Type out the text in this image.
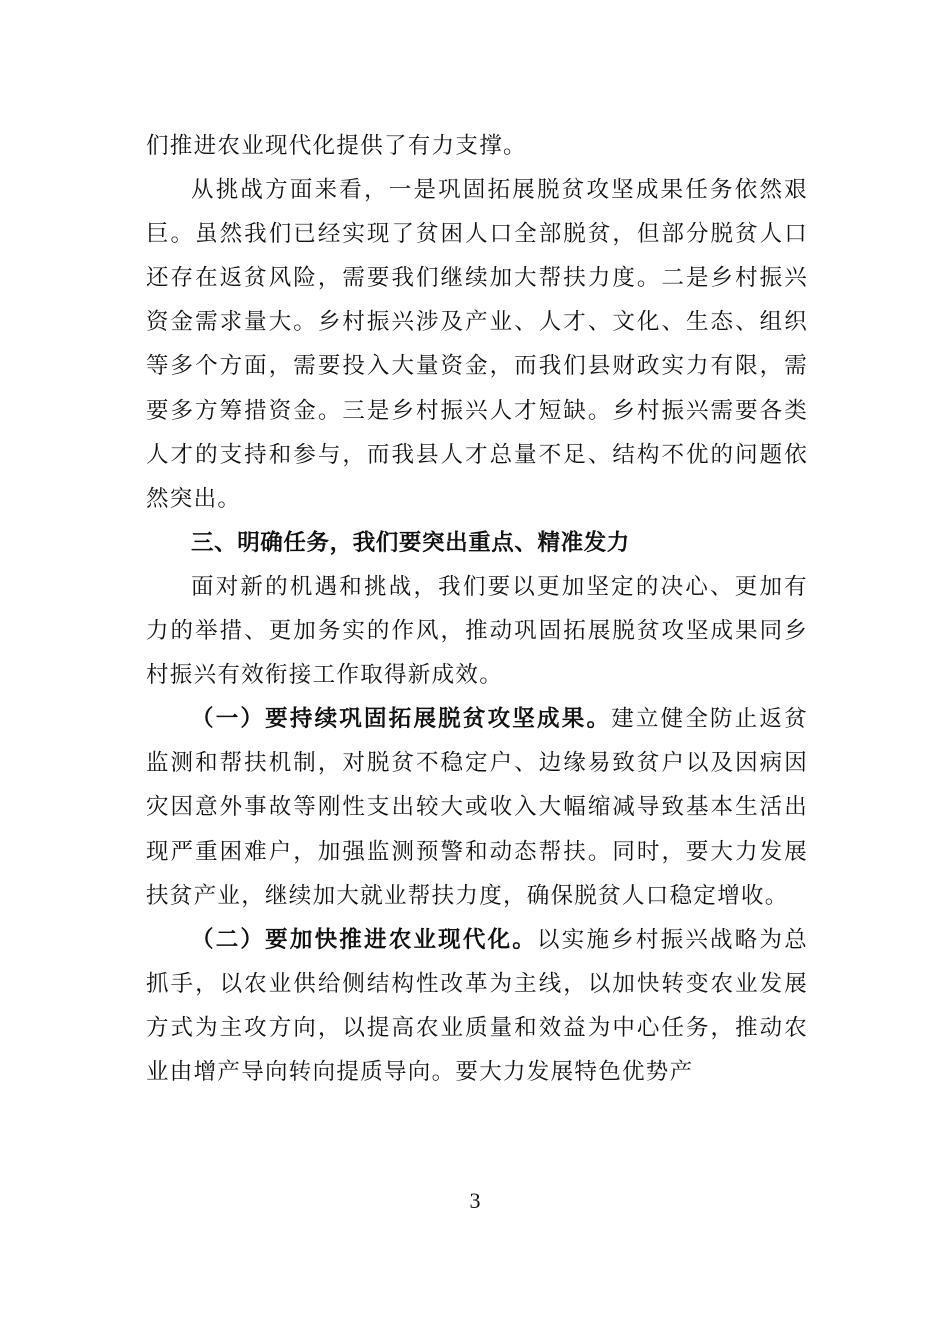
们推进农业现代化提供了有力支撑。

从挑战方面来看，一是巩固拓展脱贫攻坚成果任务依然艰巨。虽然我们已经实现了贫困人口全部脱贫，但部分脱贫人口还存在返贫风险，需要我们继续加大帮扶力度。二是乡村振兴资金需求量大。乡村振兴涉及产业、人才、文化、生态、组织等多个方面，需要投入大量资金，而我们县财政实力有限，需要多方筹措资金。三是乡村振兴人才短缺。乡村振兴需要各类人才的支持和参与，而我县人才总量不足、结构不优的问题依然突出。

三、明确任务，我们要突出重点、精准发力

面对新的机遇和挑战，我们要以更加坚定的决心、更加有力的举措、更加务实的作风，推动巩固拓展脱贫攻坚成果同乡村振兴有效衔接工作取得新成效。

（一）要持续巩固拓展脱贫攻坚成果。建立健全防止返贫监测和帮扶机制，对脱贫不稳定户、边缘易致贫户以及因病因灾因意外事故等刚性支出较大或收入大幅缩减导致基本生活出现严重困难户，加强监测预警和动态帮扶。同时，要大力发展扶贫产业，继续加大就业帮扶力度，确保脱贫人口稳定增收。

（二）要加快推进农业现代化。以实施乡村振兴战略为总抓手，以农业供给侧结构性改革为主线，以加快转变农业发展方式为主攻方向，以提高农业质量和效益为中心任务，推动农业由增产导向转向提质导向。要大力发展特色优势产

3
